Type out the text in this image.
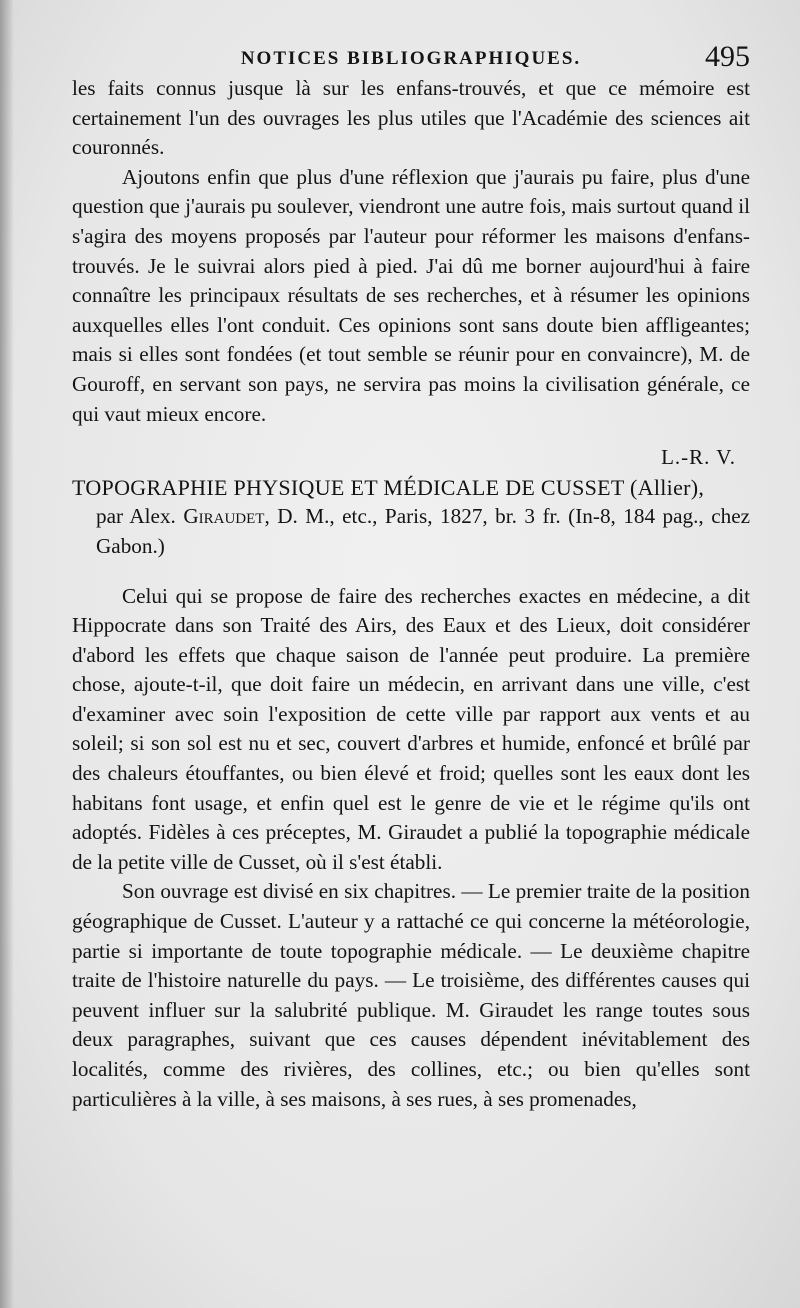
NOTICES BIBLIOGRAPHIQUES.	495

les faits connus jusque là sur les enfans-trouvés, et que ce mémoire est certainement l'un des ouvrages les plus utiles que l'Académie des sciences ait couronnés.

Ajoutons enfin que plus d'une réflexion que j'aurais pu faire, plus d'une question que j'aurais pu soulever, viendront une autre fois, mais surtout quand il s'agira des moyens proposés par l'auteur pour réformer les maisons d'enfans-trouvés. Je le suivrai alors pied à pied. J'ai dû me borner aujourd'hui à faire connaître les principaux résultats de ses recherches, et à résumer les opinions auxquelles elles l'ont conduit. Ces opinions sont sans doute bien affligeantes; mais si elles sont fondées (et tout semble se réunir pour en convaincre), M. de Gouroff, en servant son pays, ne servira pas moins la civilisation générale, ce qui vaut mieux encore.

L.-R. V.

TOPOGRAPHIE PHYSIQUE ET MÉDICALE DE CUSSET (Allier),
par Alex. Giraudet, D. M., etc., Paris, 1827, br. 3 fr. (In-8, 184 pag., chez Gabon.)

Celui qui se propose de faire des recherches exactes en médecine, a dit Hippocrate dans son Traité des Airs, des Eaux et des Lieux, doit considérer d'abord les effets que chaque saison de l'année peut produire. La première chose, ajoute-t-il, que doit faire un médecin, en arrivant dans une ville, c'est d'examiner avec soin l'exposition de cette ville par rapport aux vents et au soleil; si son sol est nu et sec, couvert d'arbres et humide, enfoncé et brûlé par des chaleurs étouffantes, ou bien élevé et froid; quelles sont les eaux dont les habitans font usage, et enfin quel est le genre de vie et le régime qu'ils ont adoptés. Fidèles à ces préceptes, M. Giraudet a publié la topographie médicale de la petite ville de Cusset, où il s'est établi.

Son ouvrage est divisé en six chapitres. — Le premier traite de la position géographique de Cusset. L'auteur y a rattaché ce qui concerne la météorologie, partie si importante de toute topographie médicale. — Le deuxième chapitre traite de l'histoire naturelle du pays. — Le troisième, des différentes causes qui peuvent influer sur la salubrité publique. M. Giraudet les range toutes sous deux paragraphes, suivant que ces causes dépendent inévitablement des localités, comme des rivières, des collines, etc.; ou bien qu'elles sont particulières à la ville, à ses maisons, à ses rues, à ses promenades,
